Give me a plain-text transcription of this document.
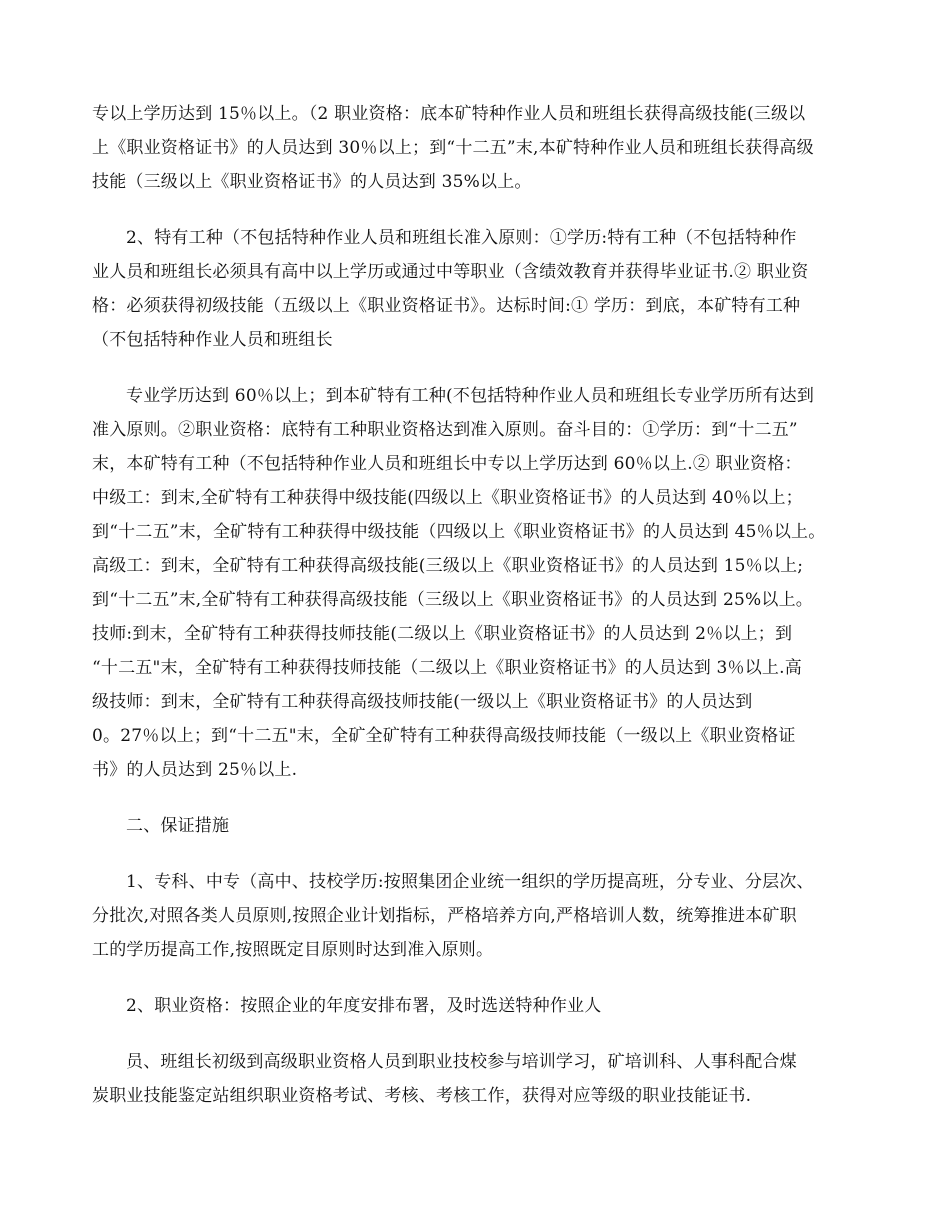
专以上学历达到 15％以上。（2 职业资格：底本矿特种作业人员和班组长获得高级技能(三级以
上《职业资格证书》的人员达到 30％以上；到“十二五”末,本矿特种作业人员和班组长获得高级
技能（三级以上《职业资格证书》的人员达到 35%以上。
2、特有工种（不包括特种作业人员和班组长准入原则：①学历:特有工种（不包括特种作
业人员和班组长必须具有高中以上学历或通过中等职业（含绩效教育并获得毕业证书.② 职业资
格：必须获得初级技能（五级以上《职业资格证书》。达标时间:① 学历：到底，本矿特有工种
（不包括特种作业人员和班组长
专业学历达到 60％以上；到本矿特有工种(不包括特种作业人员和班组长专业学历所有达到
准入原则。②职业资格：底特有工种职业资格达到准入原则。奋斗目的：①学历：到“十二五”
末，本矿特有工种（不包括特种作业人员和班组长中专以上学历达到 60％以上.② 职业资格：
中级工：到末,全矿特有工种获得中级技能(四级以上《职业资格证书》的人员达到 40％以上；
到“十二五”末，全矿特有工种获得中级技能（四级以上《职业资格证书》的人员达到 45％以上。
高级工：到末，全矿特有工种获得高级技能(三级以上《职业资格证书》的人员达到 15％以上;
到“十二五”末,全矿特有工种获得高级技能（三级以上《职业资格证书》的人员达到 25%以上。
技师:到末，全矿特有工种获得技师技能(二级以上《职业资格证书》的人员达到 2％以上；到
“十二五"末，全矿特有工种获得技师技能（二级以上《职业资格证书》的人员达到 3％以上.高
级技师：到末，全矿特有工种获得高级技师技能(一级以上《职业资格证书》的人员达到
0。27％以上；到“十二五"末，全矿全矿特有工种获得高级技师技能（一级以上《职业资格证
书》的人员达到 25％以上.
二、保证措施
1、专科、中专（高中、技校学历:按照集团企业统一组织的学历提高班，分专业、分层次、
分批次,对照各类人员原则,按照企业计划指标，严格培养方向,严格培训人数，统筹推进本矿职
工的学历提高工作,按照既定目原则时达到准入原则。
2、职业资格：按照企业的年度安排布署，及时选送特种作业人
员、班组长初级到高级职业资格人员到职业技校参与培训学习，矿培训科、人事科配合煤
炭职业技能鉴定站组织职业资格考试、考核、考核工作，获得对应等级的职业技能证书.
